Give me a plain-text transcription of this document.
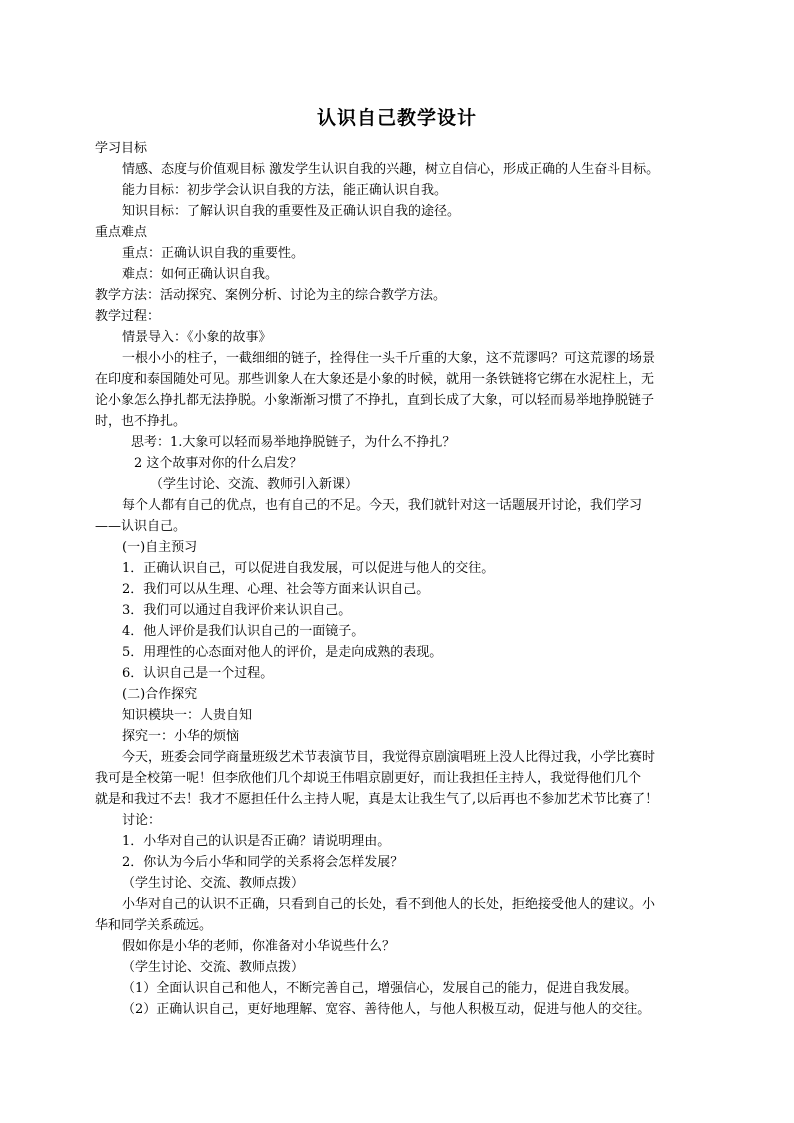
认识自己教学设计
学习目标
情感、态度与价值观目标 激发学生认识自我的兴趣，树立自信心，形成正确的人生奋斗目标。
能力目标：初步学会认识自我的方法，能正确认识自我。
知识目标：了解认识自我的重要性及正确认识自我的途径。
重点难点
重点：正确认识自我的重要性。
难点：如何正确认识自我。
教学方法：活动探究、案例分析、讨论为主的综合教学方法。
教学过程：
情景导入：《小象的故事》
一根小小的柱子，一截细细的链子，拴得住一头千斤重的大象，这不荒谬吗？可这荒谬的场景
在印度和泰国随处可见。那些训象人在大象还是小象的时候，就用一条铁链将它绑在水泥柱上，无
论小象怎么挣扎都无法挣脱。小象渐渐习惯了不挣扎，直到长成了大象，可以轻而易举地挣脱链子
时，也不挣扎。
思考：1.大象可以轻而易举地挣脱链子，为什么不挣扎？
2 这个故事对你的什么启发？
（学生讨论、交流、教师引入新课）
每个人都有自己的优点，也有自己的不足。今天，我们就针对这一话题展开讨论，我们学习
——认识自己。
(一)自主预习
1．正确认识自己，可以促进自我发展，可以促进与他人的交往。
2．我们可以从生理、心理、社会等方面来认识自己。
3．我们可以通过自我评价来认识自己。
4．他人评价是我们认识自己的一面镜子。
5．用理性的心态面对他人的评价，是走向成熟的表现。
6．认识自己是一个过程。
(二)合作探究
知识模块一：人贵自知
探究一：小华的烦恼
今天，班委会同学商量班级艺术节表演节目，我觉得京剧演唱班上没人比得过我，小学比赛时
我可是全校第一呢！但李欣他们几个却说王伟唱京剧更好，而让我担任主持人，我觉得他们几个
就是和我过不去！我才不愿担任什么主持人呢，真是太让我生气了,以后再也不参加艺术节比赛了！
讨论：
1．小华对自己的认识是否正确？请说明理由。
2．你认为今后小华和同学的关系将会怎样发展？
（学生讨论、交流、教师点拨）
小华对自己的认识不正确，只看到自己的长处，看不到他人的长处，拒绝接受他人的建议。小
华和同学关系疏远。
假如你是小华的老师，你准备对小华说些什么？
（学生讨论、交流、教师点拨）
（1）全面认识自己和他人，不断完善自己，增强信心，发展自己的能力，促进自我发展。
（2）正确认识自己，更好地理解、宽容、善待他人，与他人积极互动，促进与他人的交往。
